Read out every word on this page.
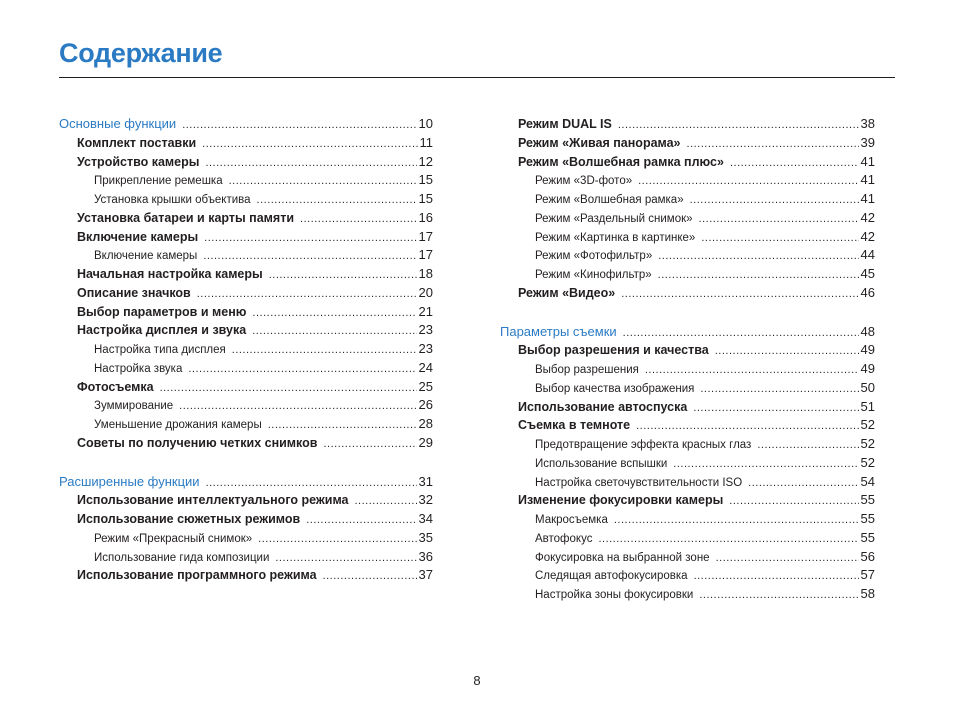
Содержание
Основные функции .....	10
Комплект поставки .....	11
Устройство камеры .....	12
Прикрепление ремешка .....	15
Установка крышки объектива .....	15
Установка батареи и карты памяти .....	16
Включение камеры .....	17
Включение камеры .....	17
Начальная настройка камеры .....	18
Описание значков .....	20
Выбор параметров и меню .....	21
Настройка дисплея и звука .....	23
Настройка типа дисплея .....	23
Настройка звука .....	24
Фотосъемка .....	25
Зуммирование .....	26
Уменьшение дрожания камеры .....	28
Советы по получению четких снимков .....	29
Расширенные функции .....	31
Использование интеллектуального режима .....	32
Использование сюжетных режимов .....	34
Режим «Прекрасный снимок» .....	35
Использование гида композиции .....	36
Использование программного режима .....	37
Режим DUAL IS .....	38
Режим «Живая панорама» .....	39
Режим «Волшебная рамка плюс» .....	41
Режим «3D-фото» .....	41
Режим «Волшебная рамка» .....	41
Режим «Раздельный снимок» .....	42
Режим «Картинка в картинке» .....	42
Режим «Фотофильтр» .....	44
Режим «Кинофильтр» .....	45
Режим «Видео» .....	46
Параметры съемки .....	48
Выбор разрешения и качества .....	49
Выбор разрешения .....	49
Выбор качества изображения .....	50
Использование автоспуска .....	51
Съемка в темноте .....	52
Предотвращение эффекта красных глаз .....	52
Использование вспышки .....	52
Настройка светочувствительности ISO .....	54
Изменение фокусировки камеры .....	55
Макросъемка .....	55
Автофокус .....	55
Фокусировка на выбранной зоне .....	56
Следящая автофокусировка .....	57
Настройка зоны фокусировки .....	58
8
